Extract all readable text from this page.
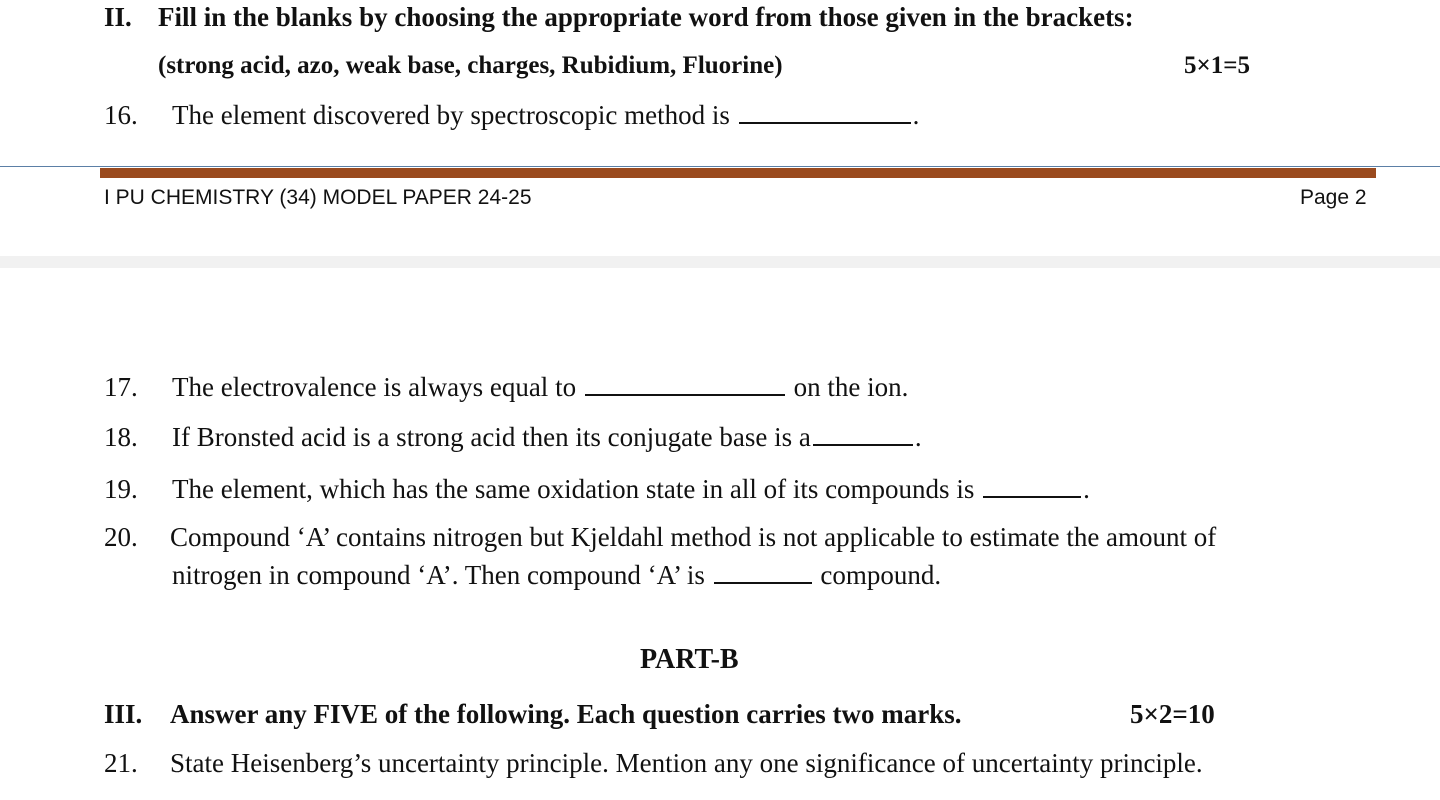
II. Fill in the blanks by choosing the appropriate word from those given in the brackets:
(strong acid, azo, weak base, charges, Rubidium, Fluorine)	5×1=5
16. The element discovered by spectroscopic method is	.
I PU CHEMISTRY (34) MODEL PAPER 24-25	Page 2
17. The electrovalence is always equal to	on the ion.
18. If Bronsted acid is a strong acid then its conjugate base is a	.
19. The element, which has the same oxidation state in all of its compounds is	.
20. Compound ‘A’ contains nitrogen but Kjeldahl method is not applicable to estimate the amount of
nitrogen in compound ‘A’. Then compound ‘A’ is	compound.
PART-B
III. Answer any FIVE of the following. Each question carries two marks.	5×2=10
21. State Heisenberg’s uncertainty principle. Mention any one significance of uncertainty principle.
